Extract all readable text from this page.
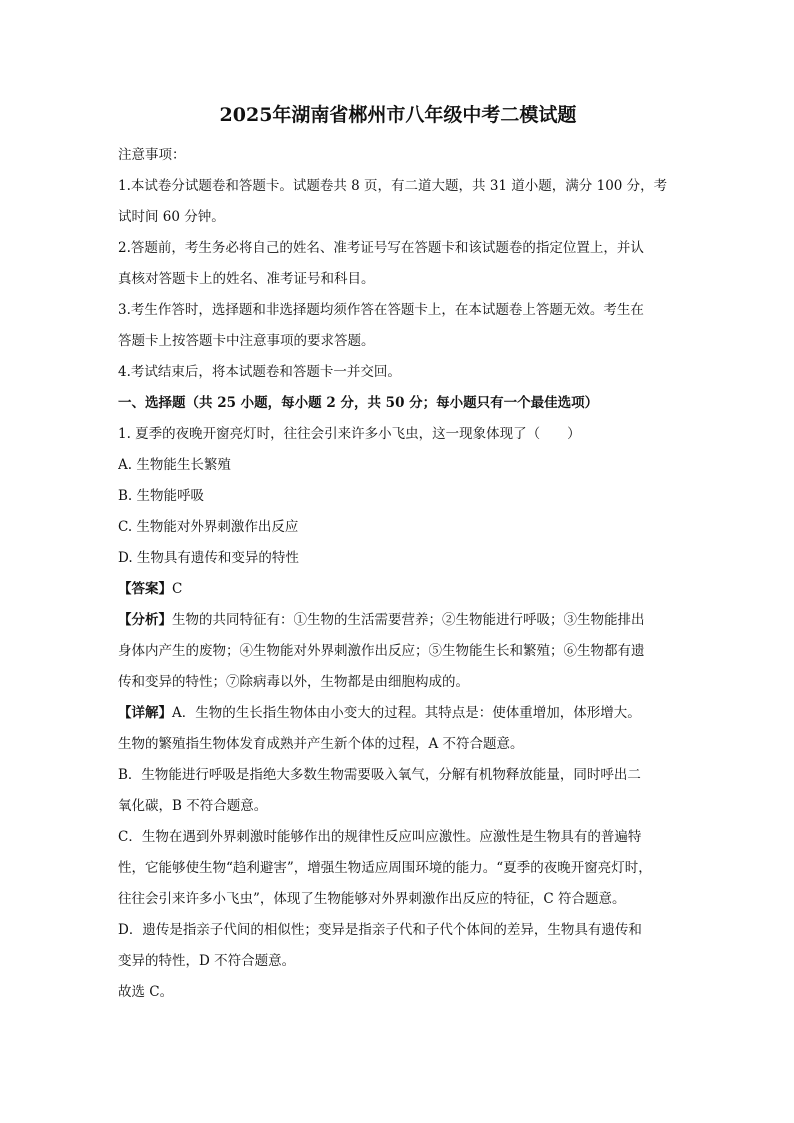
2025年湖南省郴州市八年级中考二模试题
注意事项：
1.本试卷分试题卷和答题卡。试题卷共 8 页，有二道大题，共 31 道小题，满分 100 分，考
试时间 60 分钟。
2.答题前，考生务必将自己的姓名、准考证号写在答题卡和该试题卷的指定位置上，并认
真核对答题卡上的姓名、准考证号和科目。
3.考生作答时，选择题和非选择题均须作答在答题卡上，在本试题卷上答题无效。考生在
答题卡上按答题卡中注意事项的要求答题。
4.考试结束后，将本试题卷和答题卡一并交回。
一、选择题（共 25 小题，每小题 2 分，共 50 分；每小题只有一个最佳选项）
1. 夏季的夜晚开窗亮灯时，往往会引来许多小飞虫，这一现象体现了（　　）
A. 生物能生长繁殖
B. 生物能呼吸
C. 生物能对外界刺激作出反应
D. 生物具有遗传和变异的特性
【答案】C
【分析】生物的共同特征有：①生物的生活需要营养；②生物能进行呼吸；③生物能排出
身体内产生的废物；④生物能对外界刺激作出反应；⑤生物能生长和繁殖；⑥生物都有遗
传和变异的特性；⑦除病毒以外，生物都是由细胞构成的。
【详解】A．生物的生长指生物体由小变大的过程。其特点是：使体重增加，体形增大。
生物的繁殖指生物体发育成熟并产生新个体的过程，A 不符合题意。
B．生物能进行呼吸是指绝大多数生物需要吸入氧气，分解有机物释放能量，同时呼出二
氧化碳，B 不符合题意。
C．生物在遇到外界刺激时能够作出的规律性反应叫应激性。应激性是生物具有的普遍特
性，它能够使生物“趋利避害”，增强生物适应周围环境的能力。“夏季的夜晚开窗亮灯时，
往往会引来许多小飞虫”，体现了生物能够对外界刺激作出反应的特征，C 符合题意。
D．遗传是指亲子代间的相似性；变异是指亲子代和子代个体间的差异，生物具有遗传和
变异的特性，D 不符合题意。
故选 C。
